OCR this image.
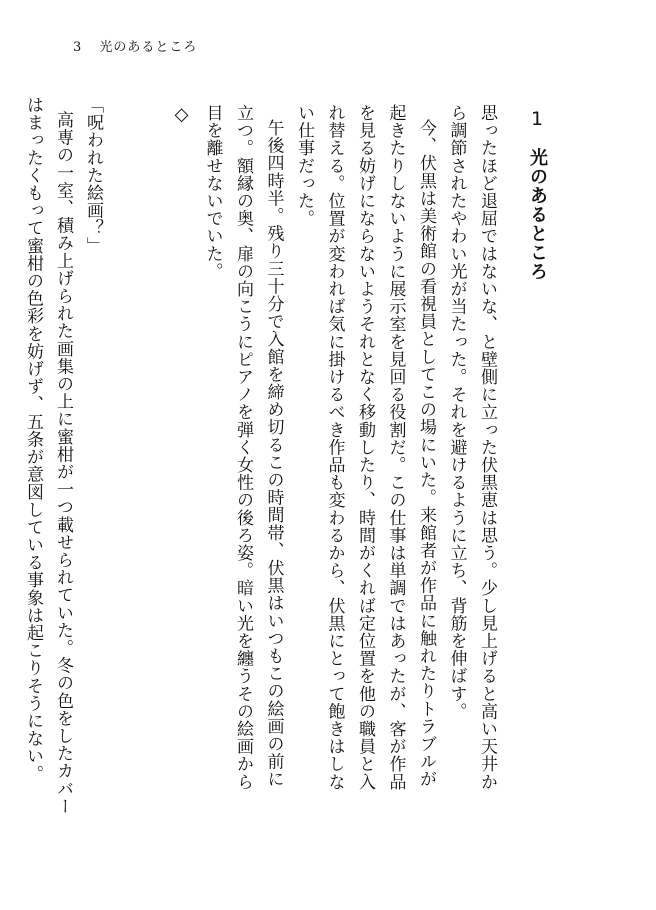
3 光のあるところ
1
光のあるところ

思ったほど退屈ではないな、と壁側に立った伏黒恵は思う。少し見上げると高い天井から調節されたやわい光が当たった。それを避けるように立ち、背筋を伸ばす。

今、伏黒は美術館の看視員としてこの場にいた。来館者が作品に触れたりトラブルが起きたりしないように展示室を見回る役割だ。この仕事は単調ではあったが、客が作品を見る妨げにならないようそれとなく移動したり、時間がくれば定位置を他の職員と入れ替える。位置が変われば気に掛けるべき作品も変わるから、伏黒にとって飽きはしない仕事だった。

午後四時半。残り三十分で入館を締め切るこの時間帯、伏黒はいつもこの絵画の前に立つ。額縁の奥、扉の向こうにピアノを弾く女性の後ろ姿。暗い光を纏うその絵画から目を離せないでいた。

◇

「呪われた絵画？」

高専の一室、積み上げられた画集の上に蜜柑が一つ載せられていた。冬の色をしたカバーはまったくもって蜜柑の色彩を妨げず、五条が意図している事象は起こりそうにない。
